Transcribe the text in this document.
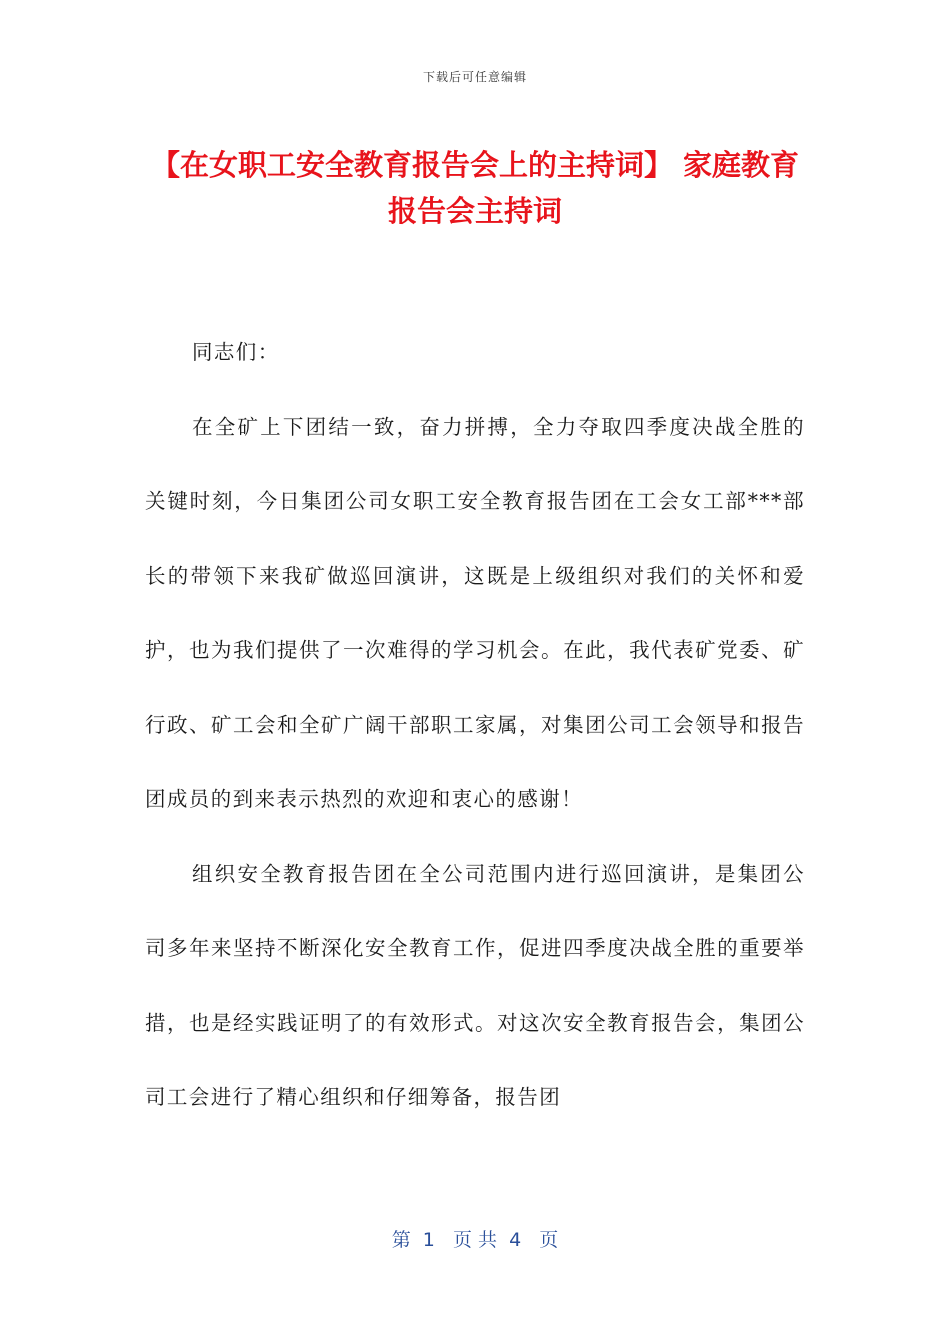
下载后可任意编辑
【在女职工安全教育报告会上的主持词】 家庭教育报告会主持词

同志们：

在全矿上下团结一致，奋力拼搏，全力夺取四季度决战全胜的关键时刻，今日集团公司女职工安全教育报告团在工会女工部***部长的带领下来我矿做巡回演讲，这既是上级组织对我们的关怀和爱护，也为我们提供了一次难得的学习机会。在此，我代表矿党委、矿行政、矿工会和全矿广阔干部职工家属，对集团公司工会领导和报告团成员的到来表示热烈的欢迎和衷心的感谢！

组织安全教育报告团在全公司范围内进行巡回演讲，是集团公司多年来坚持不断深化安全教育工作，促进四季度决战全胜的重要举措，也是经实践证明了的有效形式。对这次安全教育报告会，集团公司工会进行了精心组织和仔细筹备，报告团

第  1   页 共  4   页
